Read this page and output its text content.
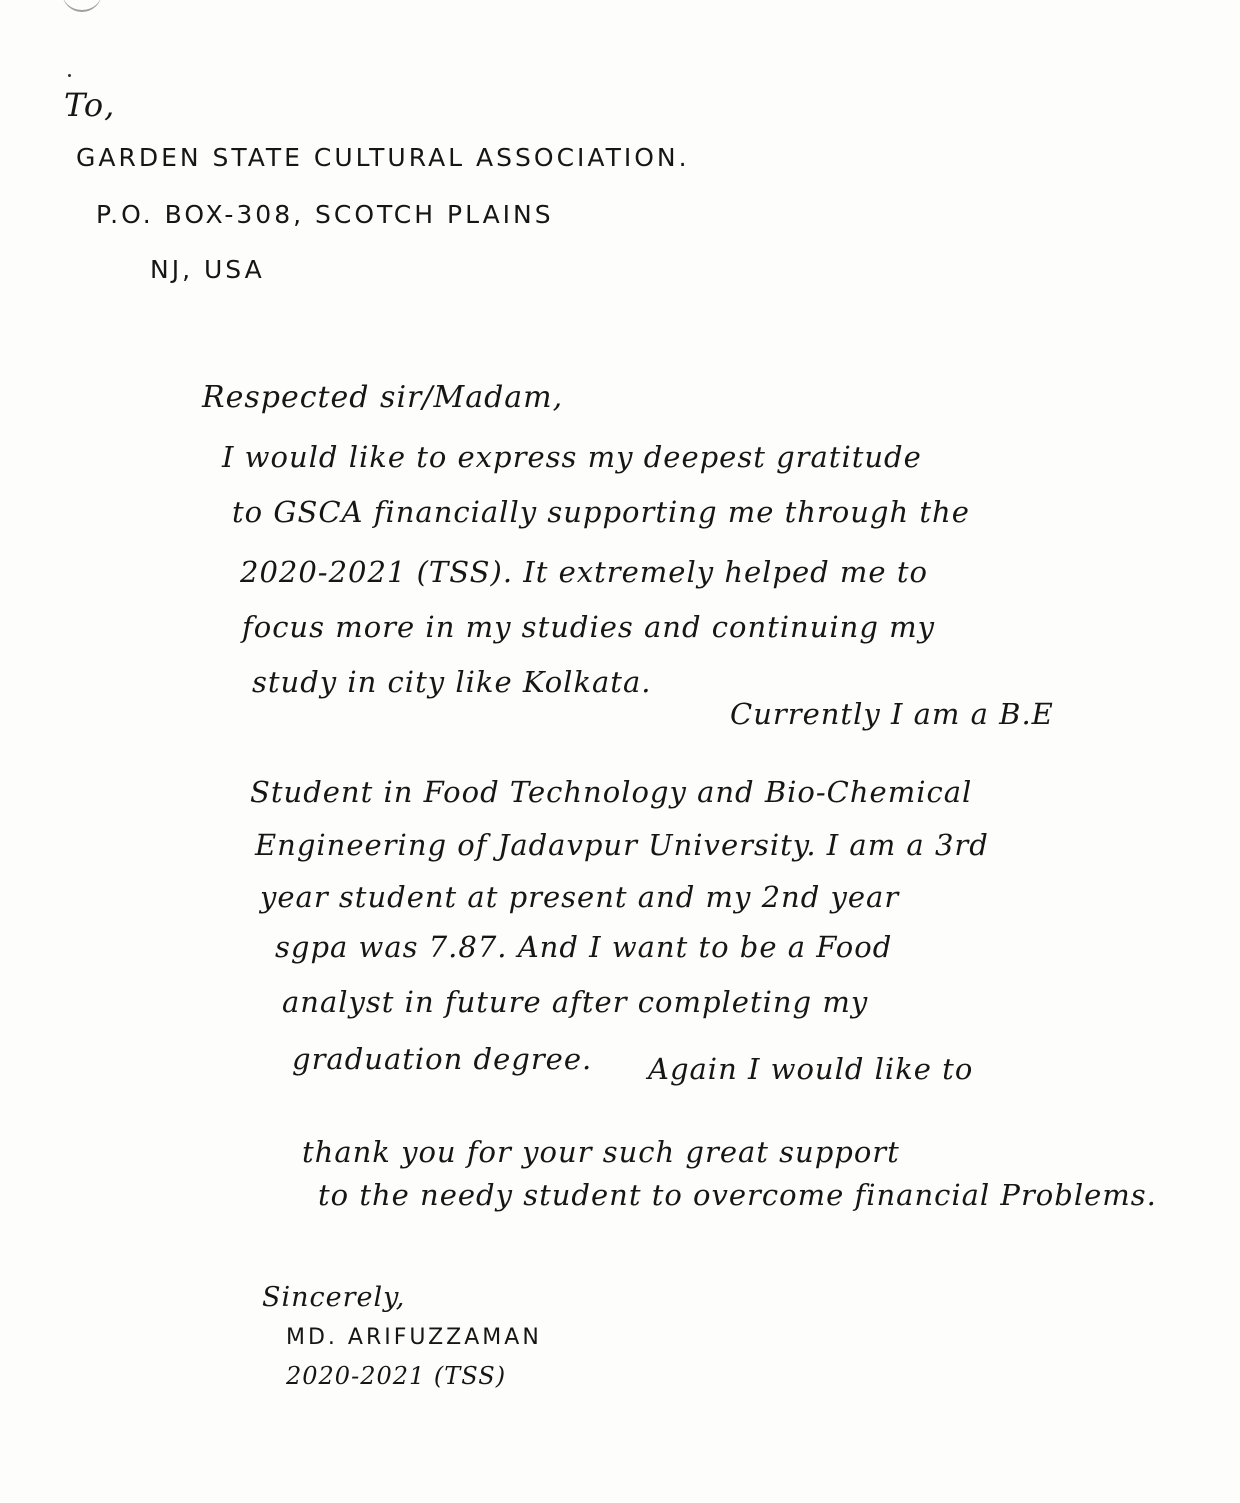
To,
GARDEN STATE CULTURAL ASSOCIATION.
P.O. BOX-308, SCOTCH PLAINS
NJ, USA
Respected sir/Madam,
I would like to express my deepest gratitude
to GSCA financially supporting me through the
2020-2021 (TSS). It extremely helped me to
focus more in my studies and continuing my
study in city like Kolkata.
Currently I am a B.E
Student in Food Technology and Bio-Chemical
Engineering of Jadavpur University. I am a 3rd
year student at present and my 2nd year
sgpa was 7.87. And I want to be a Food
analyst in future after completing my
graduation degree. Again I would like to
thank you for your such great support
to the needy student to overcome financial Problems.
Sincerely,
MD. ARIFUZZAMAN
2020-2021 (TSS)
